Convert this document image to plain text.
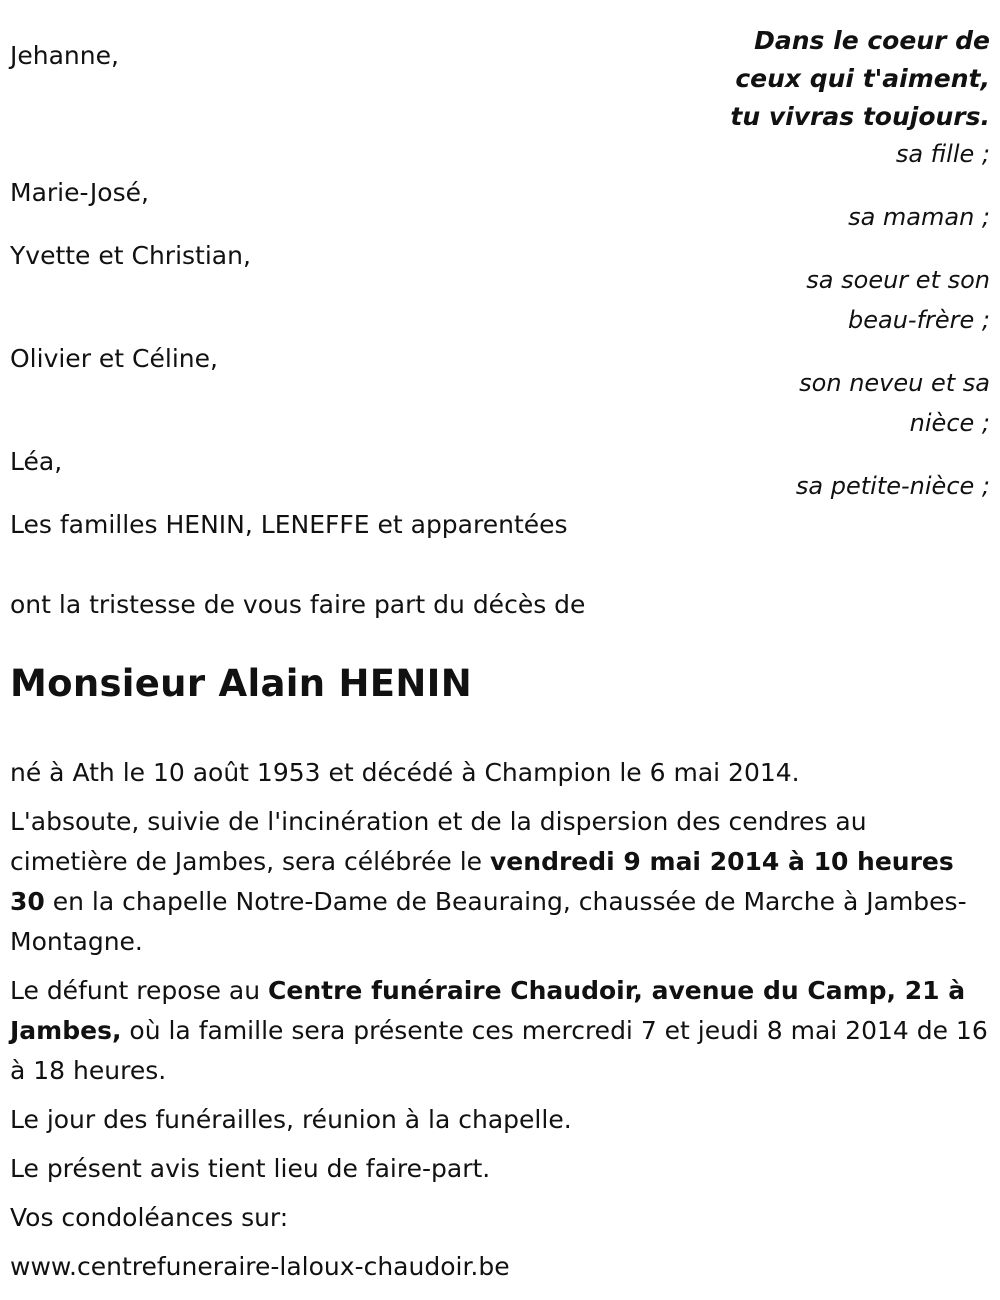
Dans le coeur de
ceux qui t'aiment,
tu vivras toujours.
Jehanne,
Marie-José,
Yvette et Christian,
Olivier et Céline,
Léa,
sa fille ;
sa maman ;
sa soeur et son
beau-frère ;
son neveu et sa
nièce ;
sa petite-nièce ;
Les familles HENIN, LENEFFE et apparentées
ont la tristesse de vous faire part du décès de
Monsieur Alain HENIN

né à Ath le 10 août 1953 et décédé à Champion le 6 mai 2014.

L'absoute, suivie de l'incinération et de la dispersion des cendres au cimetière de Jambes, sera célébrée le vendredi 9 mai 2014 à 10 heures 30 en la chapelle Notre-Dame de Beauraing, chaussée de Marche à Jambes-Montagne.

Le défunt repose au Centre funéraire Chaudoir, avenue du Camp, 21 à Jambes, où la famille sera présente ces mercredi 7 et jeudi 8 mai 2014 de 16 à 18 heures.

Le jour des funérailles, réunion à la chapelle.

Le présent avis tient lieu de faire-part.

Vos condoléances sur:

www.centrefuneraire-laloux-chaudoir.be
